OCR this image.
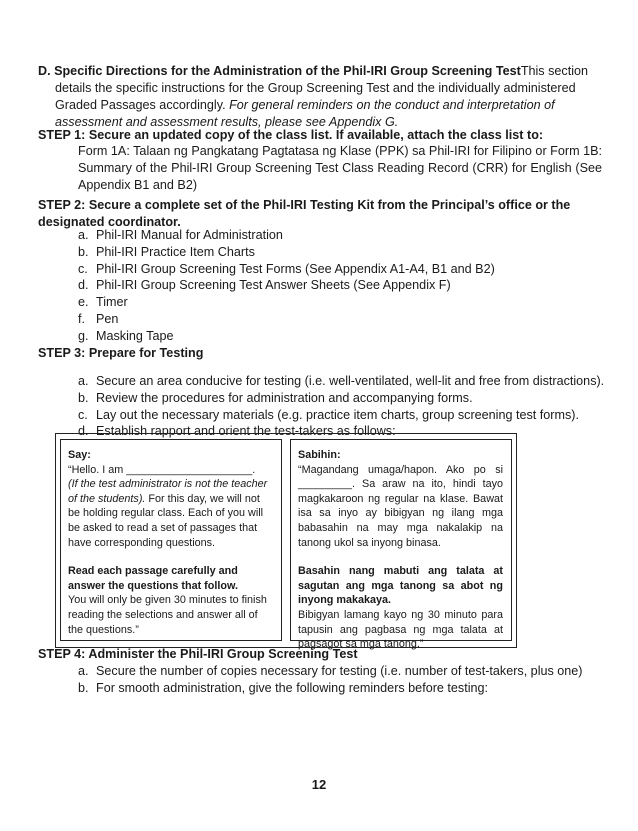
D. Specific Directions for the Administration of the Phil-IRI Group Screening TestThis section details the specific instructions for the Group Screening Test and the individually administered Graded Passages accordingly. For general reminders on the conduct and interpretation of assessment and assessment results, please see Appendix G.
STEP 1: Secure an updated copy of the class list. If available, attach the class list to:
Form 1A: Talaan ng Pangkatang Pagtatasa ng Klase (PPK) sa Phil-IRI for Filipino or Form 1B: Summary of the Phil-IRI Group Screening Test Class Reading Record (CRR) for English (See Appendix B1 and B2)
STEP 2: Secure a complete set of the Phil-IRI Testing Kit from the Principal’s office or the designated coordinator.
a. Phil-IRI Manual for Administration
b. Phil-IRI Practice Item Charts
c. Phil-IRI Group Screening Test Forms (See Appendix A1-A4, B1 and B2)
d. Phil-IRI Group Screening Test Answer Sheets (See Appendix F)
e. Timer
f. Pen
g. Masking Tape
STEP 3: Prepare for Testing
a. Secure an area conducive for testing (i.e. well-ventilated, well-lit and free from distractions).
b. Review the procedures for administration and accompanying forms.
c. Lay out the necessary materials (e.g. practice item charts, group screening test forms).
d. Establish rapport and orient the test-takers as follows:

Say:

“Hello. I am _____________________.

(If the test administrator is not the teacher of the students). For this day, we will not be holding regular class. Each of you will be asked to read a set of passages that have corresponding questions.

Read each passage carefully and answer the questions that follow.

You will only be given 30 minutes to finish reading the selections and answer all of the questions.”

Sabihin:

“Magandang umaga/hapon. Ako po si _________. Sa araw na ito, hindi tayo magkakaroon ng regular na klase. Bawat isa sa inyo ay bibigyan ng ilang mga babasahin na may mga nakalakip na tanong ukol sa inyong binasa.

Basahin nang mabuti ang talata at sagutan ang mga tanong sa abot ng inyong makakaya.

Bibigyan lamang kayo ng 30 minuto para tapusin ang pagbasa ng mga talata at pagsagot sa mga tanong.”

STEP 4: Administer the Phil-IRI Group Screening Test
a. Secure the number of copies necessary for testing (i.e. number of test-takers, plus one)
b. For smooth administration, give the following reminders before testing:
12
